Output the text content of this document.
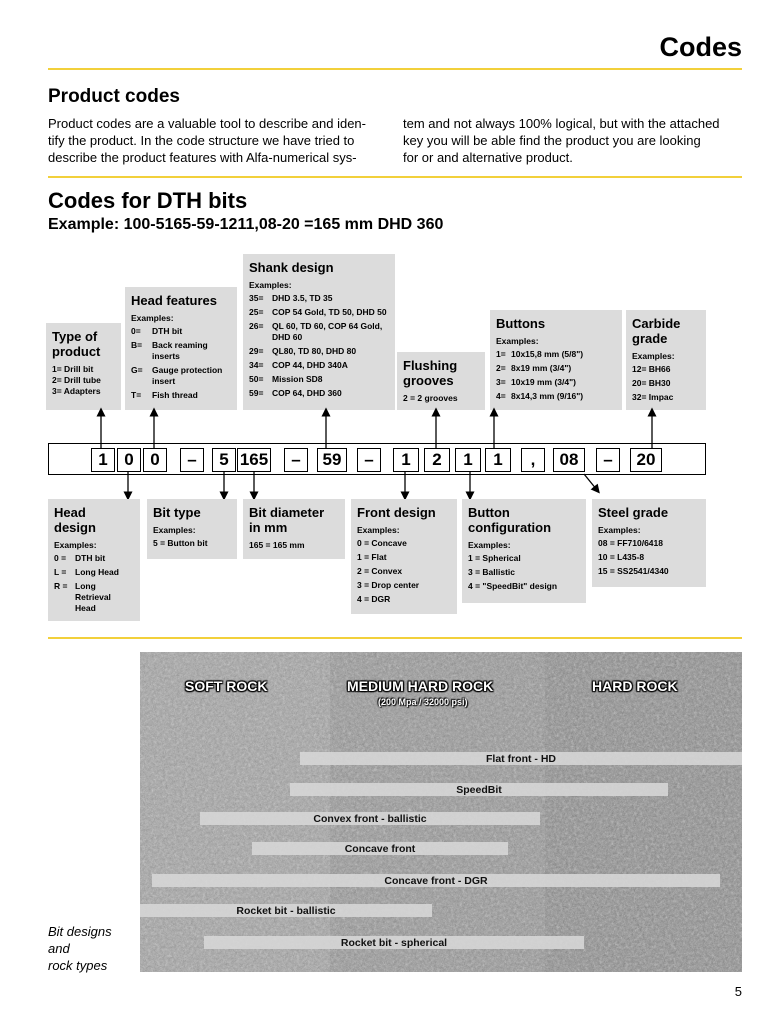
Codes
Product codes
Product codes are a valuable tool to describe and iden-
tify the product. In the code structure we have tried to
describe the product features with Alfa-numerical sys-
tem and not always 100% logical, but with the attached
key you will be able find the product you are looking
for or and alternative product.
Codes for DTH bits
Example: 100-5165-59-1211,08-20 =165 mm DHD 360
Type of
product
1= Drill bit
2= Drill tube
3= Adapters
Head features
Examples:
0=	DTH bit
B=	Back reaming inserts
G=	Gauge protection insert
T=	Fish thread
Shank design
Examples:
35=	DHD 3.5, TD 35
25=	COP 54 Gold, TD 50, DHD 50
26=	QL 60, TD 60, COP 64 Gold, DHD 60
29=	QL80, TD 80, DHD 80
34=	COP 44, DHD 340A
50=	Mission SD8
59=	COP 64, DHD 360
Flushing
grooves
2 = 2 grooves
Buttons
Examples:
1= 10x15,8 mm (5/8")
2= 8x19 mm (3/4")
3= 10x19 mm (3/4")
4= 8x14,3 mm (9/16")
Carbide
grade
Examples:
12= BH66
20= BH30
32= Impac
1 0 0	–	5 165	–	59	–	1	2	1	1	,	08	–	20
Head
design
Examples:
0 =	DTH bit
L =	Long Head
R = Long Retrieval Head
Bit type
Examples:
5 = Button bit
Bit diameter
in mm
165 = 165 mm
Front design
Examples:
0 = Concave
1 = Flat
2 = Convex
3 = Drop center
4 = DGR
Button
configuration
Examples:
1 = Spherical
3 = Ballistic
4 = "SpeedBit" design
Steel grade
Examples:
08 = FF710/6418
10 = L435-8
15 = SS2541/4340
SOFT ROCK	MEDIUM HARD ROCK
(200 Mpa / 32000 psi)
HARD ROCK
Flat front - HD
SpeedBit
Convex front - ballistic
Concave front
Concave front - DGR
Rocket bit - ballistic
Rocket bit - spherical
Bit designs
and
rock types
5
